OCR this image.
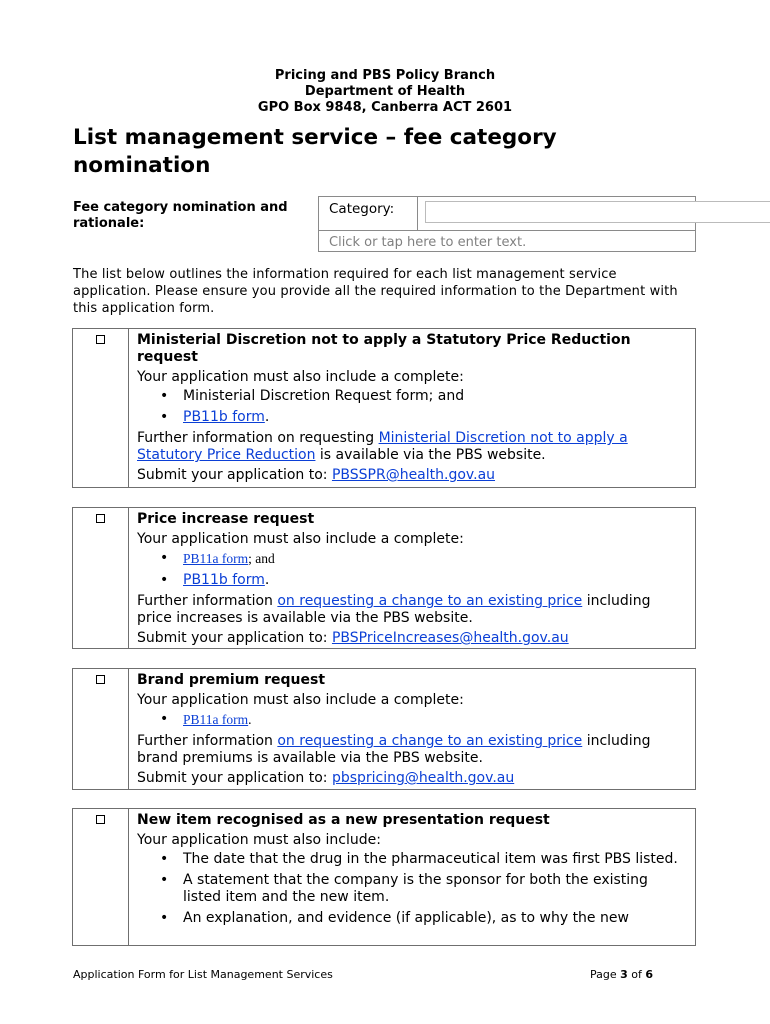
Pricing and PBS Policy Branch
Department of Health
GPO Box 9848, Canberra ACT 2601
List management service – fee category nomination
Fee category nomination and rationale:
Category:
Click or tap here to enter text.
The list below outlines the information required for each list management service application. Please ensure you provide all the required information to the Department with this application form.
Ministerial Discretion not to apply a Statutory Price Reduction request
Your application must also include a complete:
• Ministerial Discretion Request form; and
• PB11b form.
Further information on requesting Ministerial Discretion not to apply a Statutory Price Reduction is available via the PBS website.
Submit your application to: PBSSPR@health.gov.au
Price increase request
Your application must also include a complete:
• PB11a form; and
• PB11b form.
Further information on requesting a change to an existing price including price increases is available via the PBS website.
Submit your application to: PBSPriceIncreases@health.gov.au
Brand premium request
Your application must also include a complete:
• PB11a form.
Further information on requesting a change to an existing price including brand premiums is available via the PBS website.
Submit your application to: pbspricing@health.gov.au
New item recognised as a new presentation request
Your application must also include:
• The date that the drug in the pharmaceutical item was first PBS listed.
• A statement that the company is the sponsor for both the existing listed item and the new item.
• An explanation, and evidence (if applicable), as to why the new
Application Form for List Management Services	Page 3 of 6
